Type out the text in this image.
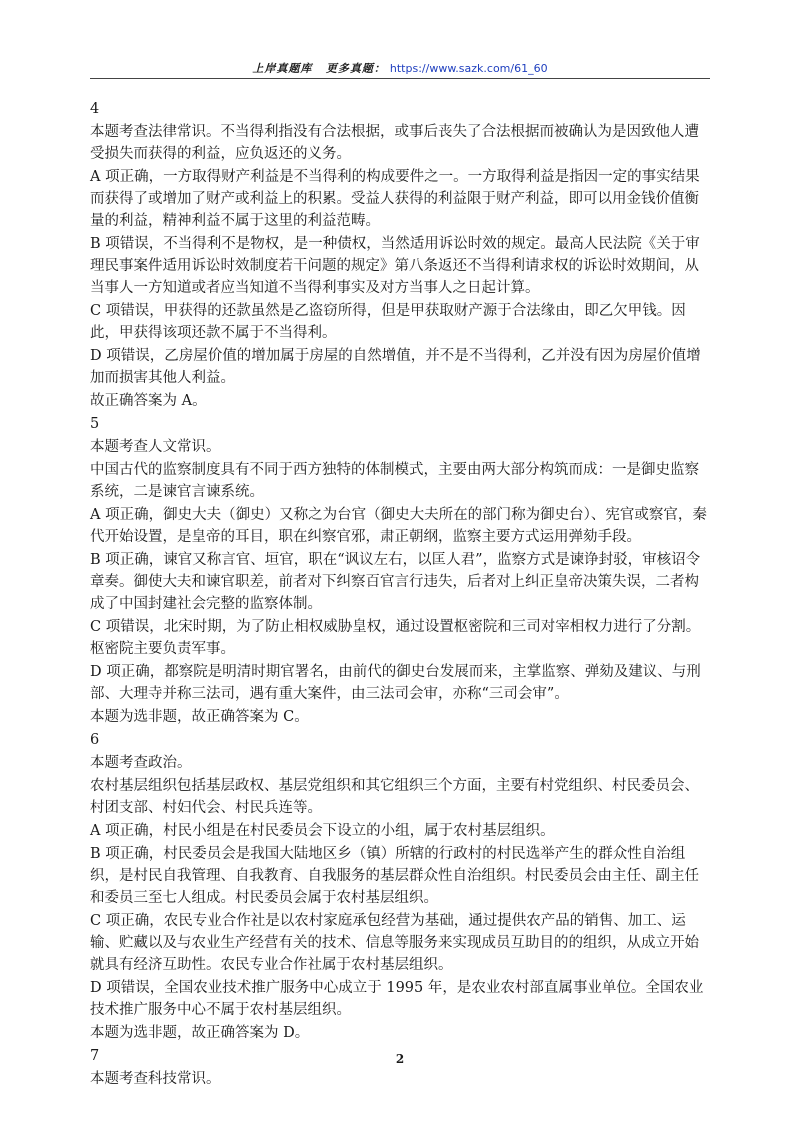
上岸真题库 更多真题： https://www.sazk.com/61_60

4

本题考查法律常识。不当得利指没有合法根据，或事后丧失了合法根据而被确认为是因致他人遭受损失而获得的利益，应负返还的义务。

A 项正确，一方取得财产利益是不当得利的构成要件之一。一方取得利益是指因一定的事实结果而获得了或增加了财产或利益上的积累。受益人获得的利益限于财产利益，即可以用金钱价值衡量的利益，精神利益不属于这里的利益范畴。

B 项错误，不当得利不是物权，是一种债权，当然适用诉讼时效的规定。最高人民法院《关于审理民事案件适用诉讼时效制度若干问题的规定》第八条返还不当得利请求权的诉讼时效期间，从当事人一方知道或者应当知道不当得利事实及对方当事人之日起计算。

C 项错误，甲获得的还款虽然是乙盗窃所得，但是甲获取财产源于合法缘由，即乙欠甲钱。因此，甲获得该项还款不属于不当得利。

D 项错误，乙房屋价值的增加属于房屋的自然增值，并不是不当得利，乙并没有因为房屋价值增加而损害其他人利益。

故正确答案为 A。

5

本题考查人文常识。

中国古代的监察制度具有不同于西方独特的体制模式，主要由两大部分构筑而成：一是御史监察系统，二是谏官言谏系统。

A 项正确，御史大夫（御史）又称之为台官（御史大夫所在的部门称为御史台）、宪官或察官，秦代开始设置，是皇帝的耳目，职在纠察官邪，肃正朝纲，监察主要方式运用弹劾手段。

B 项正确，谏官又称言官、垣官，职在“讽议左右，以匡人君”，监察方式是谏诤封驳，审核诏令章奏。御使大夫和谏官职差，前者对下纠察百官言行违失，后者对上纠正皇帝决策失误，二者构成了中国封建社会完整的监察体制。

C 项错误，北宋时期，为了防止相权威胁皇权，通过设置枢密院和三司对宰相权力进行了分割。枢密院主要负责军事。

D 项正确，都察院是明清时期官署名，由前代的御史台发展而来，主掌监察、弹劾及建议、与刑部、大理寺并称三法司，遇有重大案件，由三法司会审，亦称“三司会审”。

本题为选非题，故正确答案为 C。

6

本题考查政治。

农村基层组织包括基层政权、基层党组织和其它组织三个方面，主要有村党组织、村民委员会、村团支部、村妇代会、村民兵连等。

A 项正确，村民小组是在村民委员会下设立的小组，属于农村基层组织。

B 项正确，村民委员会是我国大陆地区乡（镇）所辖的行政村的村民选举产生的群众性自治组织，是村民自我管理、自我教育、自我服务的基层群众性自治组织。村民委员会由主任、副主任和委员三至七人组成。村民委员会属于农村基层组织。

C 项正确，农民专业合作社是以农村家庭承包经营为基础，通过提供农产品的销售、加工、运输、贮藏以及与农业生产经营有关的技术、信息等服务来实现成员互助目的的组织，从成立开始就具有经济互助性。农民专业合作社属于农村基层组织。

D 项错误，全国农业技术推广服务中心成立于 1995 年，是农业农村部直属事业单位。全国农业技术推广服务中心不属于农村基层组织。

本题为选非题，故正确答案为 D。

7

本题考查科技常识。

2
